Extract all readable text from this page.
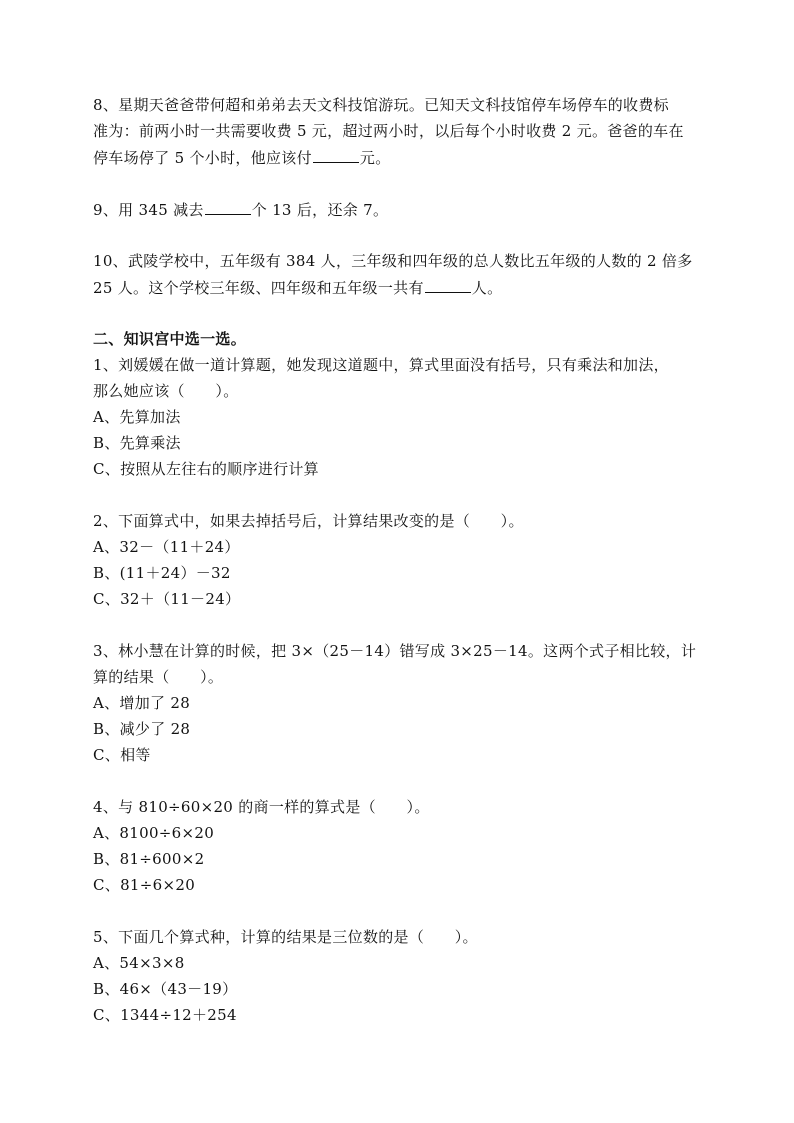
8、星期天爸爸带何超和弟弟去天文科技馆游玩。已知天文科技馆停车场停车的收费标
准为：前两小时一共需要收费 5 元，超过两小时，以后每个小时收费 2 元。爸爸的车在
停车场停了 5 个小时，他应该付	元。
9、用 345 减去	个 13 后，还余 7。
10、武陵学校中，五年级有 384 人，三年级和四年级的总人数比五年级的人数的 2 倍多
25 人。这个学校三年级、四年级和五年级一共有	人。
二、知识宫中选一选。
1、刘媛媛在做一道计算题，她发现这道题中，算式里面没有括号，只有乘法和加法，
那么她应该（　　）。
A、先算加法
B、先算乘法
C、按照从左往右的顺序进行计算
2、下面算式中，如果去掉括号后，计算结果改变的是（　　）。
A、32－（11＋24）
B、(11＋24）－32
C、32＋（11－24）
3、林小慧在计算的时候，把 3×（25－14）错写成 3×25－14。这两个式子相比较，计
算的结果（　　）。
A、增加了 28
B、减少了 28
C、相等
4、与 810÷60×20 的商一样的算式是（　　）。
A、8100÷6×20
B、81÷600×2
C、81÷6×20
5、下面几个算式种，计算的结果是三位数的是（　　）。
A、54×3×8
B、46×（43－19）
C、1344÷12＋254
